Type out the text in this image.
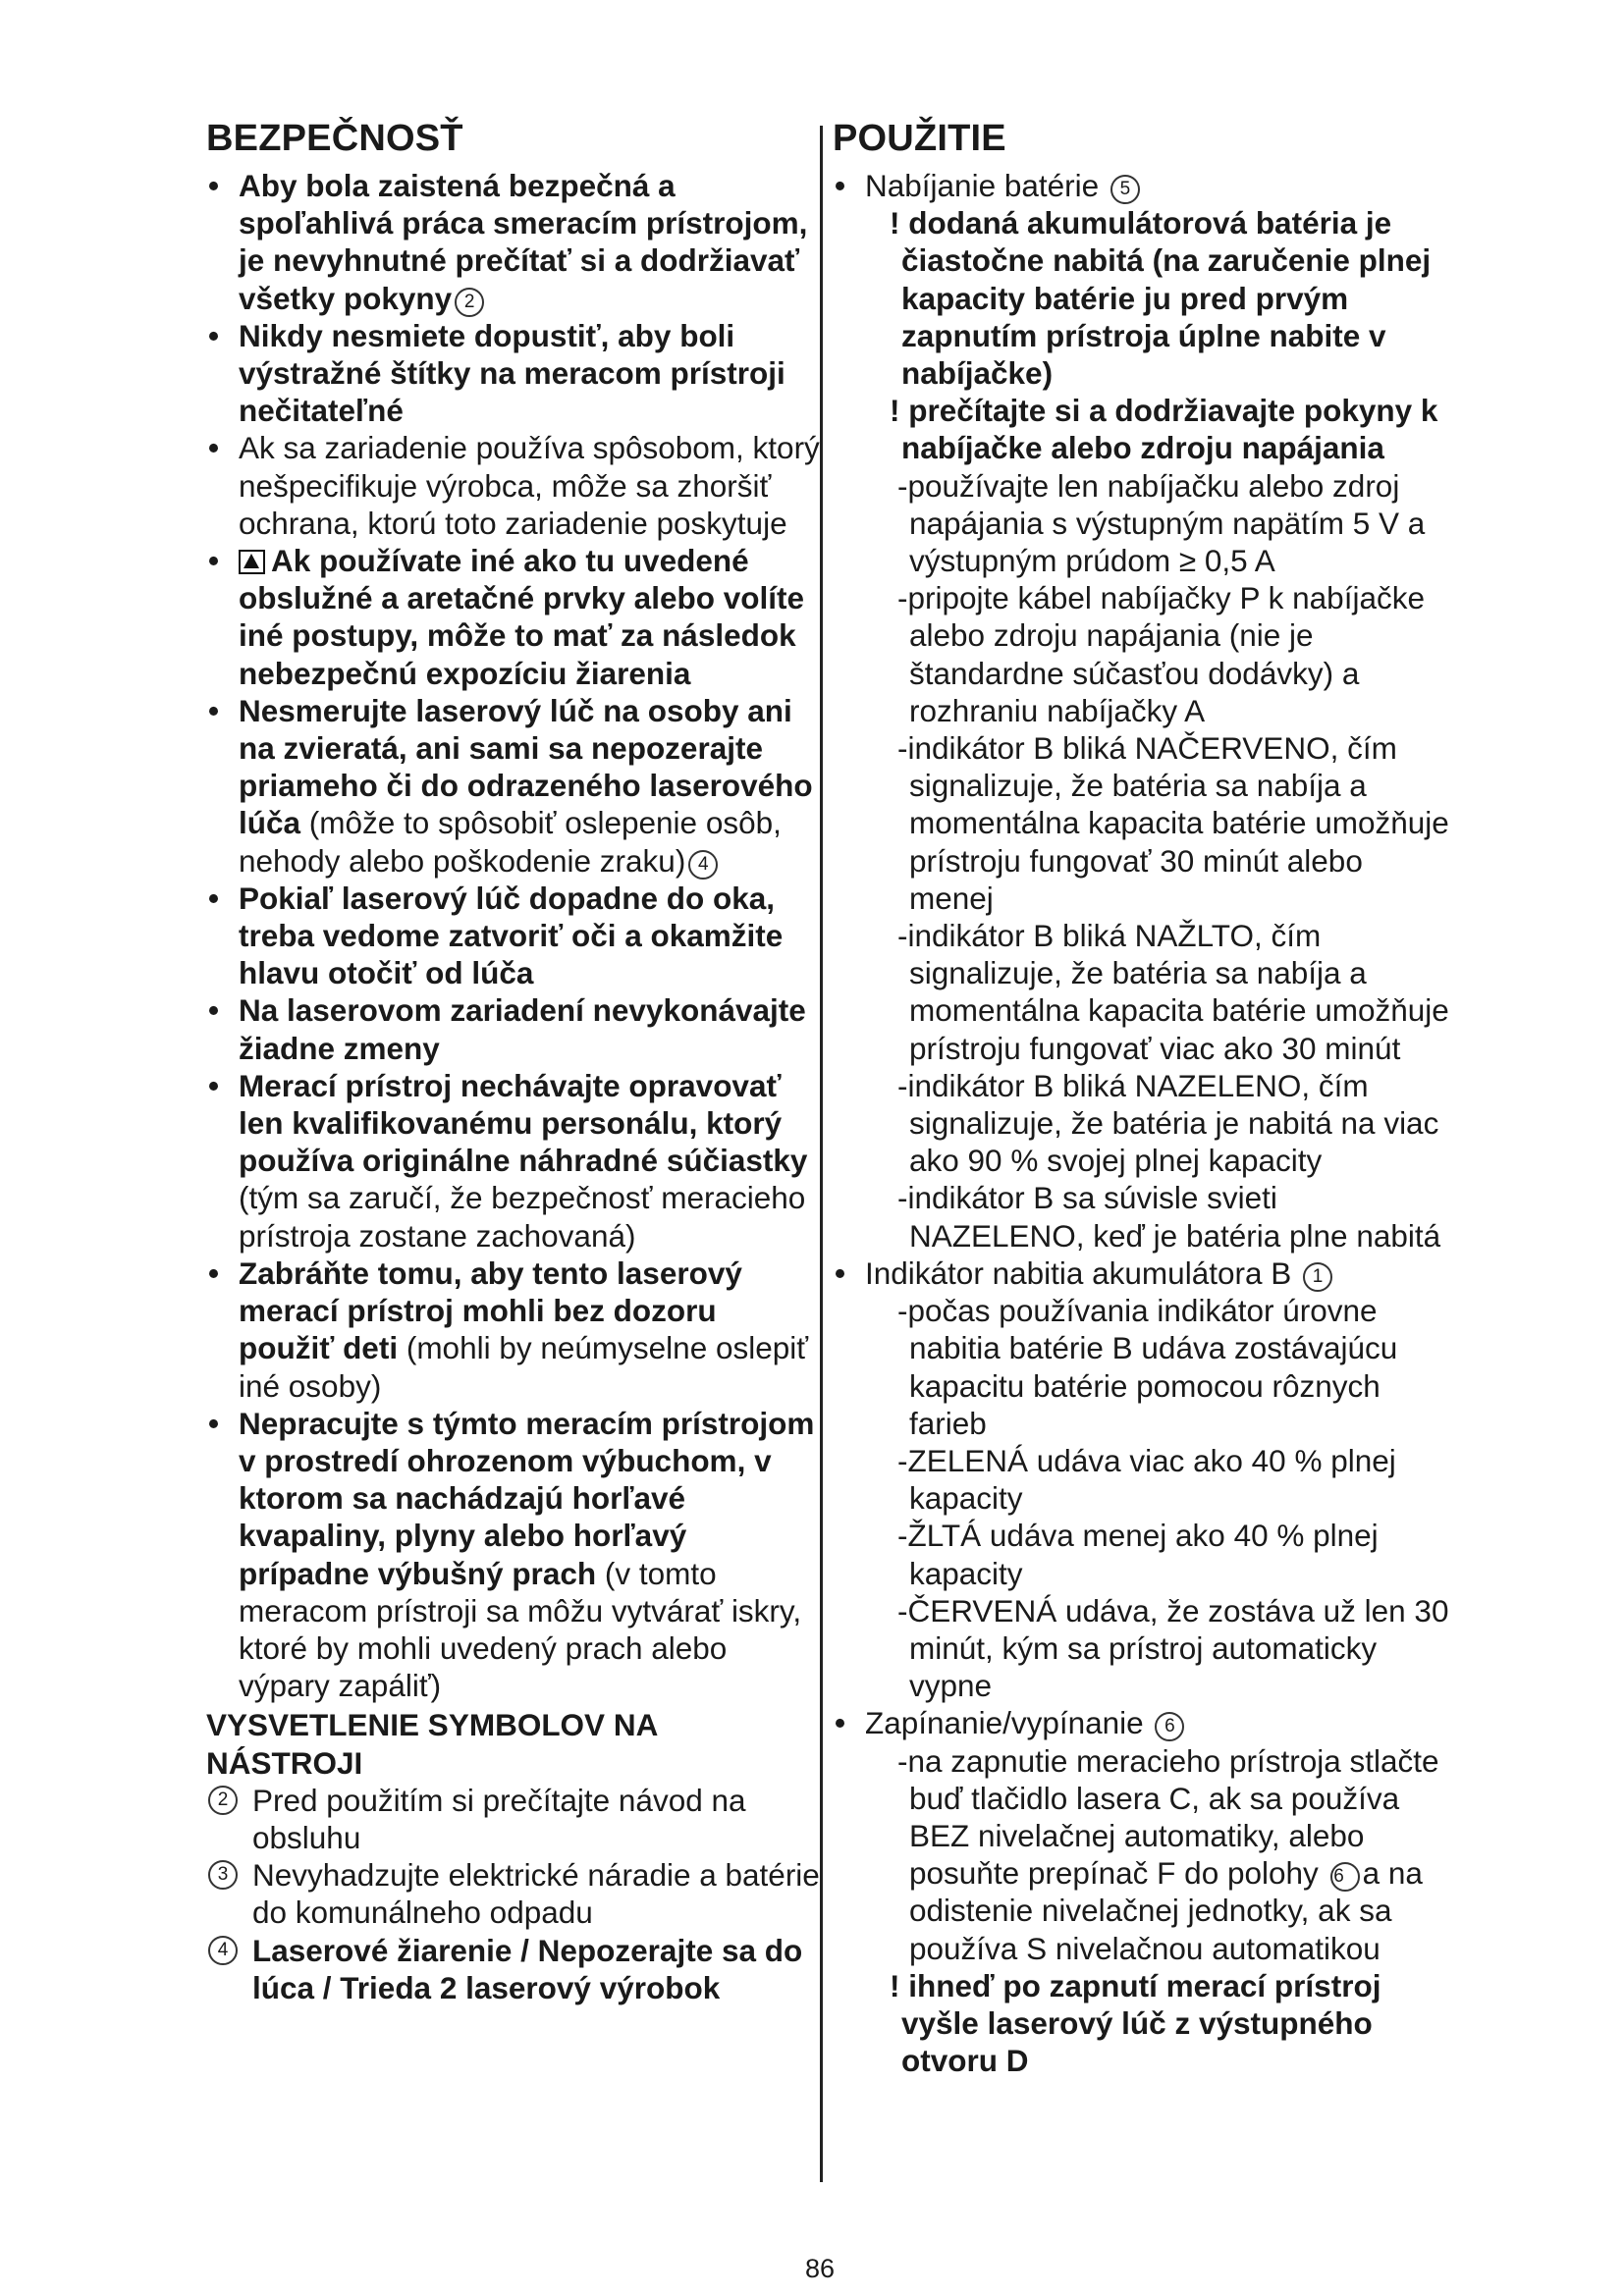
BEZPEČNOSŤ
• Aby bola zaistená bezpečná a spoľahlivá práca smeracím prístrojom, je nevyhnutné prečítať si a dodržiavať všetky pokyny 2
• Nikdy nesmiete dopustiť, aby boli výstražné štítky na meracom prístroji nečitateľné
• Ak sa zariadenie používa spôsobom, ktorý nešpecifikuje výrobca, môže sa zhoršiť ochrana, ktorú toto zariadenie poskytuje
• Ak používate iné ako tu uvedené obslužné a aretačné prvky alebo volíte iné postupy, môže to mať za následok nebezpečnú expozíciu žiarenia
• Nesmerujte laserový lúč na osoby ani na zvieratá, ani sami sa nepozerajte priameho či do odrazeného laserového lúča (môže to spôsobiť oslepenie osôb, nehody alebo poškodenie zraku) 4
• Pokiaľ laserový lúč dopadne do oka, treba vedome zatvoriť oči a okamžite hlavu otočiť od lúča
• Na laserovom zariadení nevykonávajte žiadne zmeny
• Merací prístroj nechávajte opravovať len kvalifikovanému personálu, ktorý používa originálne náhradné súčiastky (tým sa zaručí, že bezpečnosť meracieho prístroja zostane zachovaná)
• Zabráňte tomu, aby tento laserový merací prístroj mohli bez dozoru použiť deti (mohli by neúmyselne oslepiť iné osoby)
• Nepracujte s týmto meracím prístrojom v prostredí ohrozenom výbuchom, v ktorom sa nachádzajú horľavé kvapaliny, plyny alebo horľavý prípadne výbušný prach (v tomto meracom prístroji sa môžu vytvárať iskry, ktoré by mohli uvedený prach alebo výpary zapáliť)
VYSVETLENIE SYMBOLOV NA NÁSTROJI
2 Pred použitím si prečítajte návod na obsluhu
3 Nevyhadzujte elektrické náradie a batérie do komunálneho odpadu
4 Laserové žiarenie / Nepozerajte sa do lúca / Trieda 2 laserový výrobok
POUŽITIE
• Nabíjanie batérie 5
! dodaná akumulátorová batéria je čiastočne nabitá (na zaručenie plnej kapacity batérie ju pred prvým zapnutím prístroja úplne nabite v nabíjačke)
! prečítajte si a dodržiavajte pokyny k nabíjačke alebo zdroju napájania
-používajte len nabíjačku alebo zdroj napájania s výstupným napätím 5 V a výstupným prúdom ≥ 0,5 A
-pripojte kábel nabíjačky P k nabíjačke alebo zdroju napájania (nie je štandardne súčasťou dodávky) a rozhraniu nabíjačky A
-indikátor B bliká NAČERVENO, čím signalizuje, že batéria sa nabíja a momentálna kapacita batérie umožňuje prístroju fungovať 30 minút alebo menej
-indikátor B bliká NAŽLTO, čím signalizuje, že batéria sa nabíja a momentálna kapacita batérie umožňuje prístroju fungovať viac ako 30 minút
-indikátor B bliká NAZELENO, čím signalizuje, že batéria je nabitá na viac ako 90 % svojej plnej kapacity
-indikátor B sa súvisle svieti NAZELENO, keď je batéria plne nabitá
• Indikátor nabitia akumulátora B 1
-počas používania indikátor úrovne nabitia batérie B udáva zostávajúcu kapacitu batérie pomocou rôznych farieb
-ZELENÁ udáva viac ako 40 % plnej kapacity
-ŽLTÁ udáva menej ako 40 % plnej kapacity
-ČERVENÁ udáva, že zostáva už len 30 minút, kým sa prístroj automaticky vypne
• Zapínanie/vypínanie 6
-na zapnutie meracieho prístroja stlačte buď tlačidlo lasera C, ak sa používa BEZ nivelačnej automatiky, alebo posuňte prepínač F do polohy 6 a na odistenie nivelačnej jednotky, ak sa používa S nivelačnou automatikou
! ihneď po zapnutí merací prístroj vyšle laserový lúč z výstupného otvoru D
86
